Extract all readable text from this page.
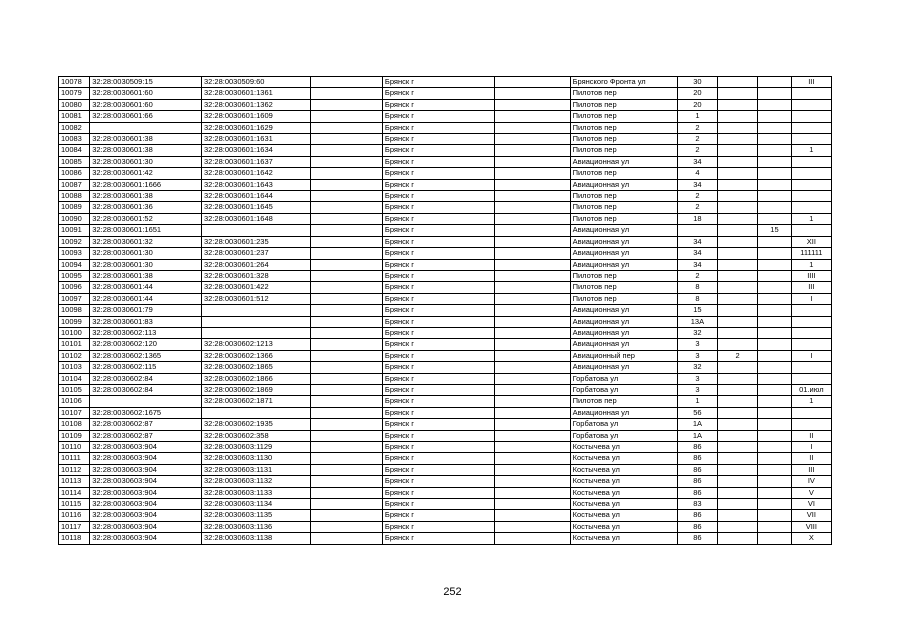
10078	32:28:0030509:15	32:28:0030509:60		Брянск г		Брянского Фронта ул	30			III
10079	32:28:0030601:60	32:28:0030601:1361		Брянск г		Пилотов пер	20			
10080	32:28:0030601:60	32:28:0030601:1362		Брянск г		Пилотов пер	20			
10081	32:28:0030601:66	32:28:0030601:1609		Брянск г		Пилотов пер	1			
10082		32:28:0030601:1629		Брянск г		Пилотов пер	2			
10083	32:28:0030601:38	32:28:0030601:1631		Брянск г		Пилотов пер	2			
10084	32:28:0030601:38	32:28:0030601:1634		Брянск г		Пилотов пер	2			1
10085	32:28:0030601:30	32:28:0030601:1637		Брянск г		Авиационная ул	34			
10086	32:28:0030601:42	32:28:0030601:1642		Брянск г		Пилотов пер	4			
10087	32:28:0030601:1666	32:28:0030601:1643		Брянск г		Авиационная ул	34			
10088	32:28:0030601:38	32:28:0030601:1644		Брянск г		Пилотов пер	2			
10089	32:28:0030601:36	32:28:0030601:1645		Брянск г		Пилотов пер	2			
10090	32:28:0030601:52	32:28:0030601:1648		Брянск г		Пилотов пер	18			1
10091	32:28:0030601:1651			Брянск г		Авиационная ул			15	
10092	32:28:0030601:32	32:28:0030601:235		Брянск г		Авиационная ул	34			XII
10093	32:28:0030601:30	32:28:0030601:237		Брянск г		Авиационная ул	34			111111
10094	32:28:0030601:30	32:28:0030601:264		Брянск г		Авиационная ул	34			1
10095	32:28:0030601:38	32:28:0030601:328		Брянск г		Пилотов пер	2			IIII
10096	32:28:0030601:44	32:28:0030601:422		Брянск г		Пилотов пер	8			III
10097	32:28:0030601:44	32:28:0030601:512		Брянск г		Пилотов пер	8			I
10098	32:28:0030601:79			Брянск г		Авиационная ул	15			
10099	32:28:0030601:83			Брянск г		Авиационная ул	13А			
10100	32:28:0030602:113			Брянск г		Авиационная ул	32			
10101	32:28:0030602:120	32:28:0030602:1213		Брянск г		Авиационная ул	3			
10102	32:28:0030602:1365	32:28:0030602:1366		Брянск г		Авиационный пер	3	2		I
10103	32:28:0030602:115	32:28:0030602:1865		Брянск г		Авиационная ул	32			
10104	32:28:0030602:84	32:28:0030602:1866		Брянск г		Горбатова ул	3			
10105	32:28:0030602:84	32:28:0030602:1869		Брянск г		Горбатова ул	3			01.июл
10106		32:28:0030602:1871		Брянск г		Пилотов пер	1			1
10107	32:28:0030602:1675			Брянск г		Авиационная ул	56			
10108	32:28:0030602:87	32:28:0030602:1935		Брянск г		Горбатова ул	1А			
10109	32:28:0030602:87	32:28:0030602:358		Брянск г		Горбатова ул	1А			II
10110	32:28:0030603:904	32:28:0030603:1129		Брянск г		Костычева ул	86			I
10111	32:28:0030603:904	32:28:0030603:1130		Брянск г		Костычева ул	86			II
10112	32:28:0030603:904	32:28:0030603:1131		Брянск г		Костычева ул	86			III
10113	32:28:0030603:904	32:28:0030603:1132		Брянск г		Костычева ул	86			IV
10114	32:28:0030603:904	32:28:0030603:1133		Брянск г		Костычева ул	86			V
10115	32:28:0030603:904	32:28:0030603:1134		Брянск г		Костычева ул	83			VI
10116	32:28:0030603:904	32:28:0030603:1135		Брянск г		Костычева ул	86			VII
10117	32:28:0030603:904	32:28:0030603:1136		Брянск г		Костычева ул	86			VIII
10118	32:28:0030603:904	32:28:0030603:1138		Брянск г		Костычева ул	86			X
252
